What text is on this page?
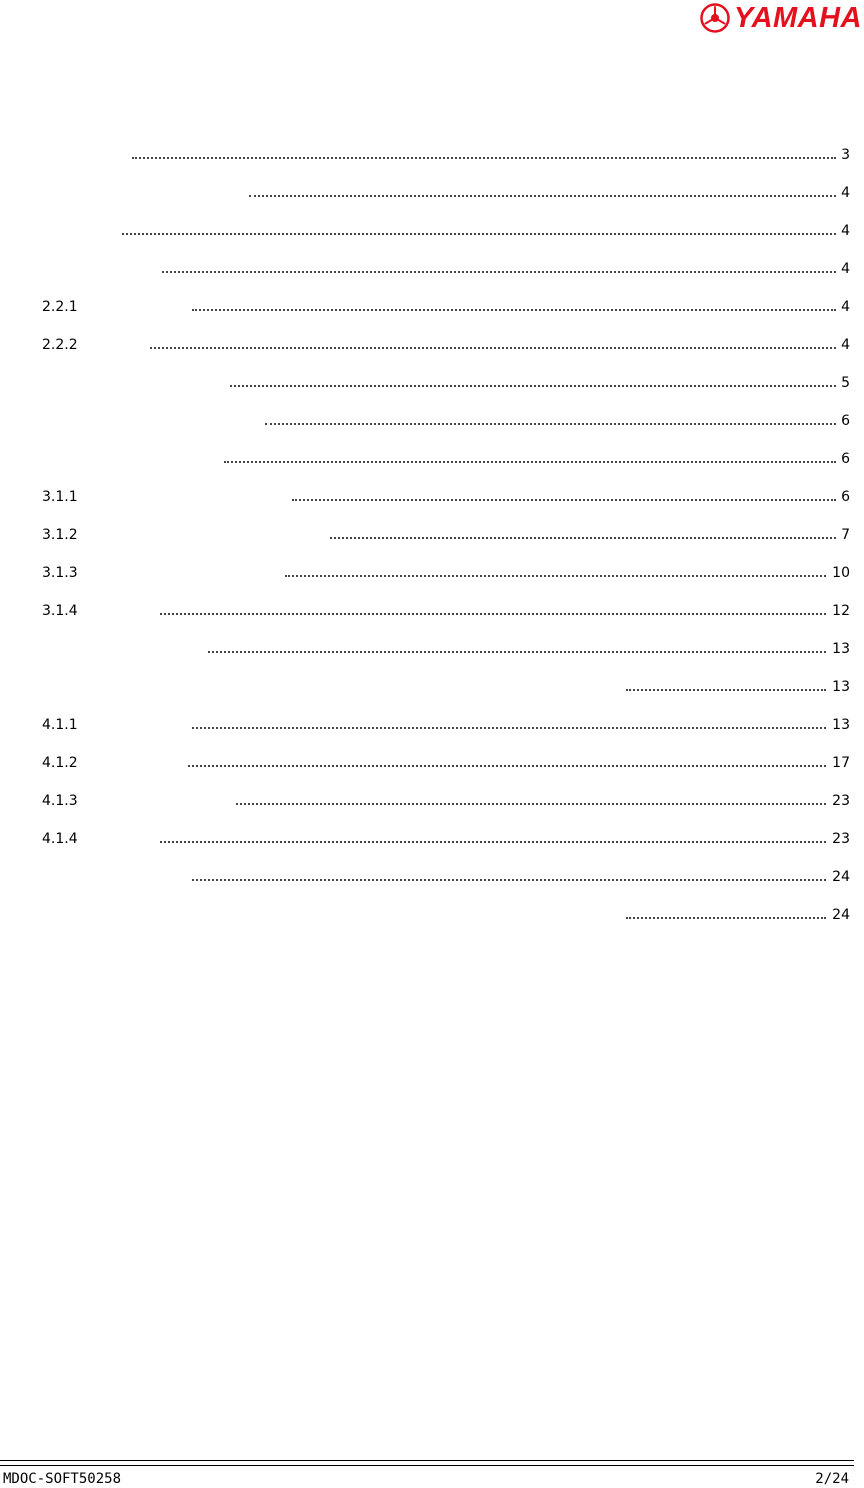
YAMAHA
3
4
4
4
2.2.1	4
2.2.2	4
5
6
6
3.1.1	6
3.1.2	7
3.1.3	10
3.1.4	12
13
13
4.1.1	13
4.1.2	17
4.1.3	23
4.1.4	23
24
24
MDOC-SOFT50258	2/24
